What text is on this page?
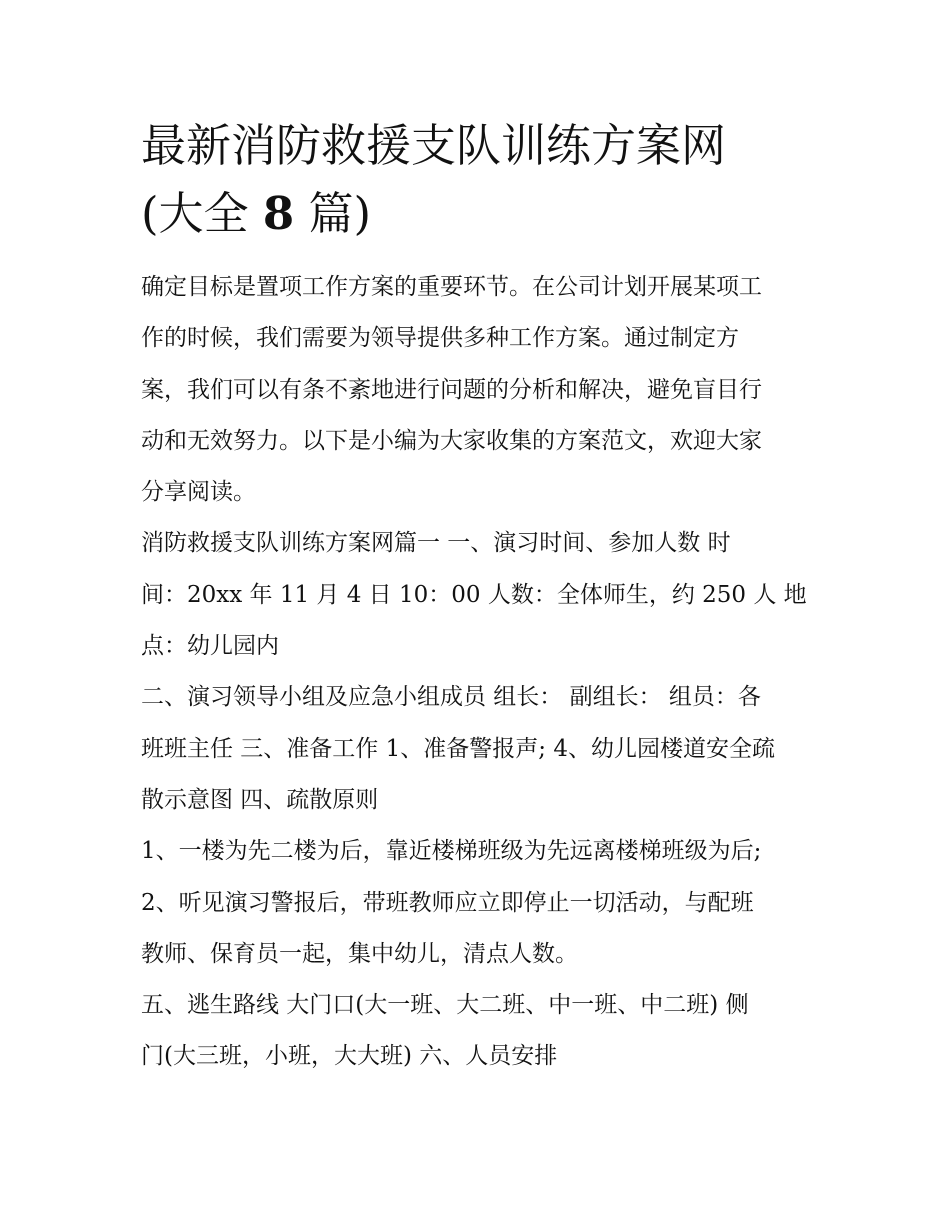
最新消防救援支队训练方案网
(大全 8 篇)

确定目标是置项工作方案的重要环节。在公司计划开展某项工
作的时候，我们需要为领导提供多种工作方案。通过制定方
案，我们可以有条不紊地进行问题的分析和解决，避免盲目行
动和无效努力。以下是小编为大家收集的方案范文，欢迎大家
分享阅读。

消防救援支队训练方案网篇一 一、演习时间、参加人数 时
间：20xx 年 11 月 4 日 10：00 人数：全体师生，约 250 人 地
点：幼儿园内

二、演习领导小组及应急小组成员 组长： 副组长： 组员：各
班班主任 三、准备工作 1、准备警报声; 4、幼儿园楼道安全疏
散示意图 四、疏散原则

1、一楼为先二楼为后，靠近楼梯班级为先远离楼梯班级为后;

2、听见演习警报后，带班教师应立即停止一切活动，与配班
教师、保育员一起，集中幼儿，清点人数。

五、逃生路线 大门口(大一班、大二班、中一班、中二班) 侧
门(大三班，小班，大大班) 六、人员安排
